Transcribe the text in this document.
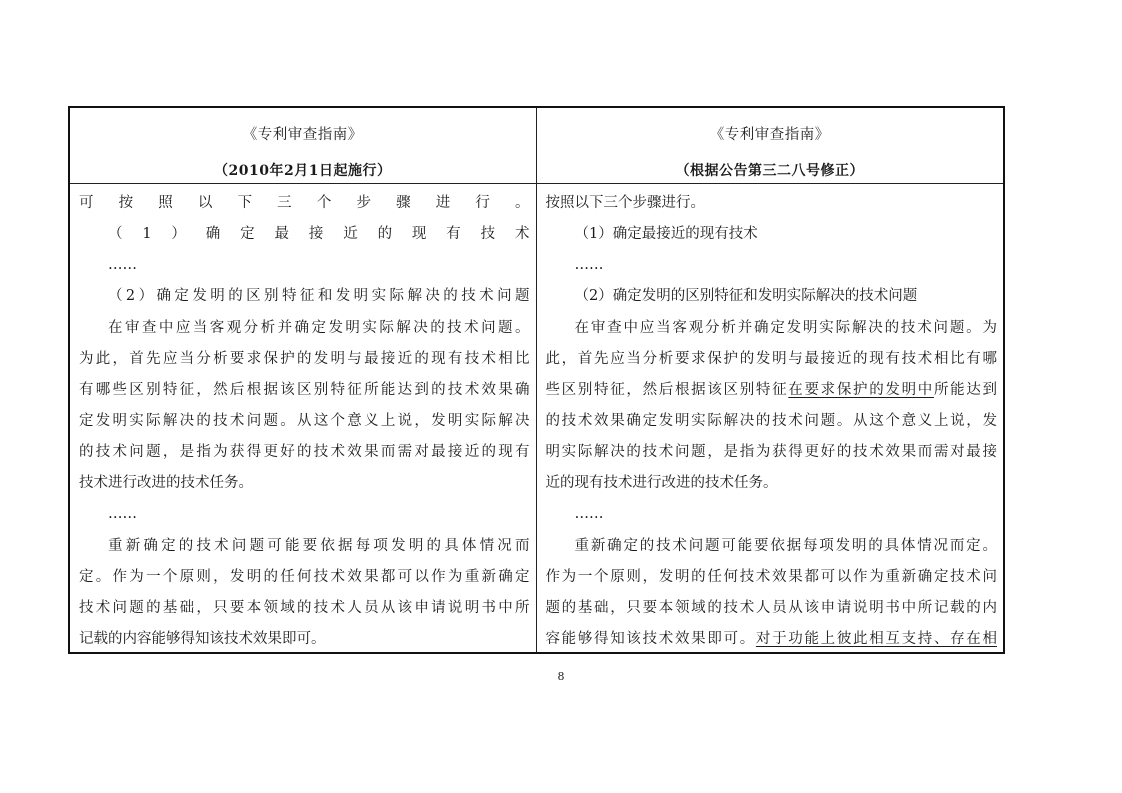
《专利审查指南》
（2010年2月1日起施行）
可按照以下三个步骤进行。
（1）确定最接近的现有技术
……
（2）确定发明的区别特征和发明实际解决的技术问题
在审查中应当客观分析并确定发明实际解决的技术问题。
为此，首先应当分析要求保护的发明与最接近的现有技术相比
有哪些区别特征，然后根据该区别特征所能达到的技术效果确
定发明实际解决的技术问题。从这个意义上说，发明实际解决
的技术问题，是指为获得更好的技术效果而需对最接近的现有
技术进行改进的技术任务。
……
重新确定的技术问题可能要依据每项发明的具体情况而
定。作为一个原则，发明的任何技术效果都可以作为重新确定
技术问题的基础，只要本领域的技术人员从该申请说明书中所
记载的内容能够得知该技术效果即可。
《专利审查指南》
（根据公告第三二八号修正）
按照以下三个步骤进行。
（1）确定最接近的现有技术
……
（2）确定发明的区别特征和发明实际解决的技术问题
在审查中应当客观分析并确定发明实际解决的技术问题。为
此，首先应当分析要求保护的发明与最接近的现有技术相比有哪
些区别特征，然后根据该区别特征在要求保护的发明中所能达到
的技术效果确定发明实际解决的技术问题。从这个意义上说，发
明实际解决的技术问题，是指为获得更好的技术效果而需对最接
近的现有技术进行改进的技术任务。
……
重新确定的技术问题可能要依据每项发明的具体情况而定。
作为一个原则，发明的任何技术效果都可以作为重新确定技术问
题的基础，只要本领域的技术人员从该申请说明书中所记载的内
容能够得知该技术效果即可。对于功能上彼此相互支持、存在相
8
